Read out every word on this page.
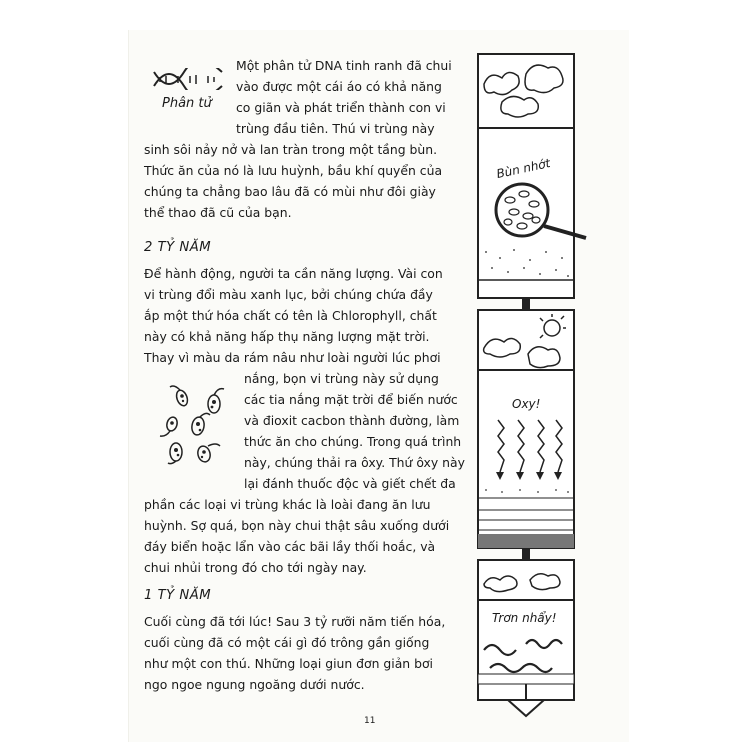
Phân tử

Một phân tử DNA tinh ranh đã chui

vào được một cái áo có khả năng

co giãn và phát triển thành con vi

trùng đầu tiên. Thú vi trùng này

sinh sôi nảy nở và lan tràn trong một tầng bùn.

Thức ăn của nó là lưu huỳnh, bầu khí quyển của

chúng ta chẳng bao lâu đã có mùi như đôi giày

thể thao đã cũ của bạn.

2 TỶ NĂM

Để hành động, người ta cần năng lượng. Vài con

vi trùng đổi màu xanh lục, bởi chúng chứa đầy

ắp một thứ hóa chất có tên là Chlorophyll, chất

này có khả năng hấp thụ năng lượng mặt trời.

Thay vì màu da rám nâu như loài người lúc phơi

nắng, bọn vi trùng này sử dụng

các tia nắng mặt trời để biến nước

và đioxit cacbon thành đường, làm

thức ăn cho chúng. Trong quá trình

này, chúng thải ra ôxy. Thứ ôxy này

lại đánh thuốc độc và giết chết đa

phần các loại vi trùng khác là loài đang ăn lưu

huỳnh. Sợ quá, bọn này chui thật sâu xuống dưới

đáy biển hoặc lẩn vào các bãi lầy thối hoắc, và

chui nhủi trong đó cho tới ngày nay.

1 TỶ NĂM

Cuối cùng đã tới lúc! Sau 3 tỷ rưỡi năm tiến hóa,

cuối cùng đã có một cái gì đó trông gần giống

như một con thú. Những loại giun đơn giản bơi

ngo ngoe ngung ngoăng dưới nước.

Bùn nhớt
Oxy!
Trơn nhẩy!

11
